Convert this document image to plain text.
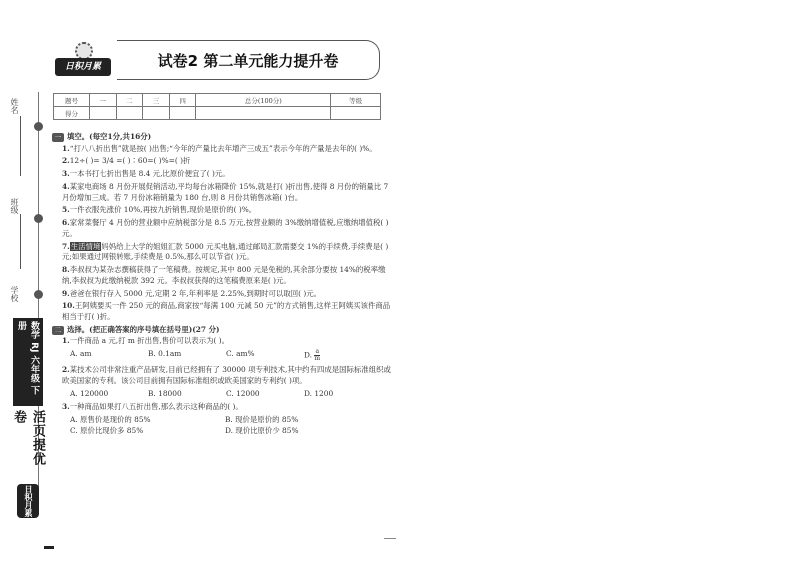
姓名
班级
学校
数学 RJ 六年级 下册
活页提优卷
日积月累
日积月累	试卷2 第二单元能力提升卷
题号	一	二	三	四	总分(100分)	等级
得分						
一 填空。(每空1分,共16分)
1.“打八八折出售”就是按( )出售;“今年的产量比去年增产三成五”表示今年的产量是去年的( )%。
2.12÷( )= 3/4 =( )∶60=( )%=( )折
3.一本书打七折出售是 8.4 元,比原价便宜了( )元。
4.某家电商场 8 月份开展促销活动,平均每台冰箱降价 15%,就是打( )折出售,使得 8 月份的销量比 7 月份增加三成。若 7 月份冰箱销量为 180 台,则 8 月份共销售冰箱( )台。
5.一件衣服先涨价 10%,再按九折销售,现价是原价的( )%。
6.家常菜餐厅 4 月份的营业额中应纳税部分是 8.5 万元,按营业额的 3%缴纳增值税,应缴纳增值税( )元。
7.生活情境妈妈给上大学的姐姐汇款 5000 元买电脑,通过邮局汇款需要交 1%的手续费,手续费是( )元;如果通过网银转账,手续费是 0.5%,那么可以节省( )元。
8.李叔叔为某杂志撰稿获得了一笔稿费。按规定,其中 800 元是免税的,其余部分要按 14%的税率缴纳,李叔叔为此缴纳税款 392 元。李叔叔获得的这笔稿费原来是( )元。
9.爸爸在银行存入 5000 元,定期 2 年,年利率是 2.25%,到期时可以取回( )元。
10.王阿姨要买一件 250 元的商品,商家按“每满 100 元减 50 元”的方式销售,这样王阿姨买该件商品相当于打( )折。
二 选择。(把正确答案的序号填在括号里)(27 分)
1.一件商品 a 元,打 m 折出售,售价可以表示为( )。
A. am	B. 0.1am	C. am%	D. $\frac{a}{m}$
2.某技术公司非常注重产品研发,目前已经拥有了 30000 项专利技术,其中约有四成是国际标准组织或欧美国家的专利。该公司目前拥有国际标准组织或欧美国家的专利约( )项。
A. 120000	B. 18000	C. 12000	D. 1200
3.一种商品如果打八五折出售,那么表示这种商品的( )。
A. 原售价是现价的 85%	B. 现价是原价的 85%
C. 原价比现价多 85%	D. 现价比原价少 85%
